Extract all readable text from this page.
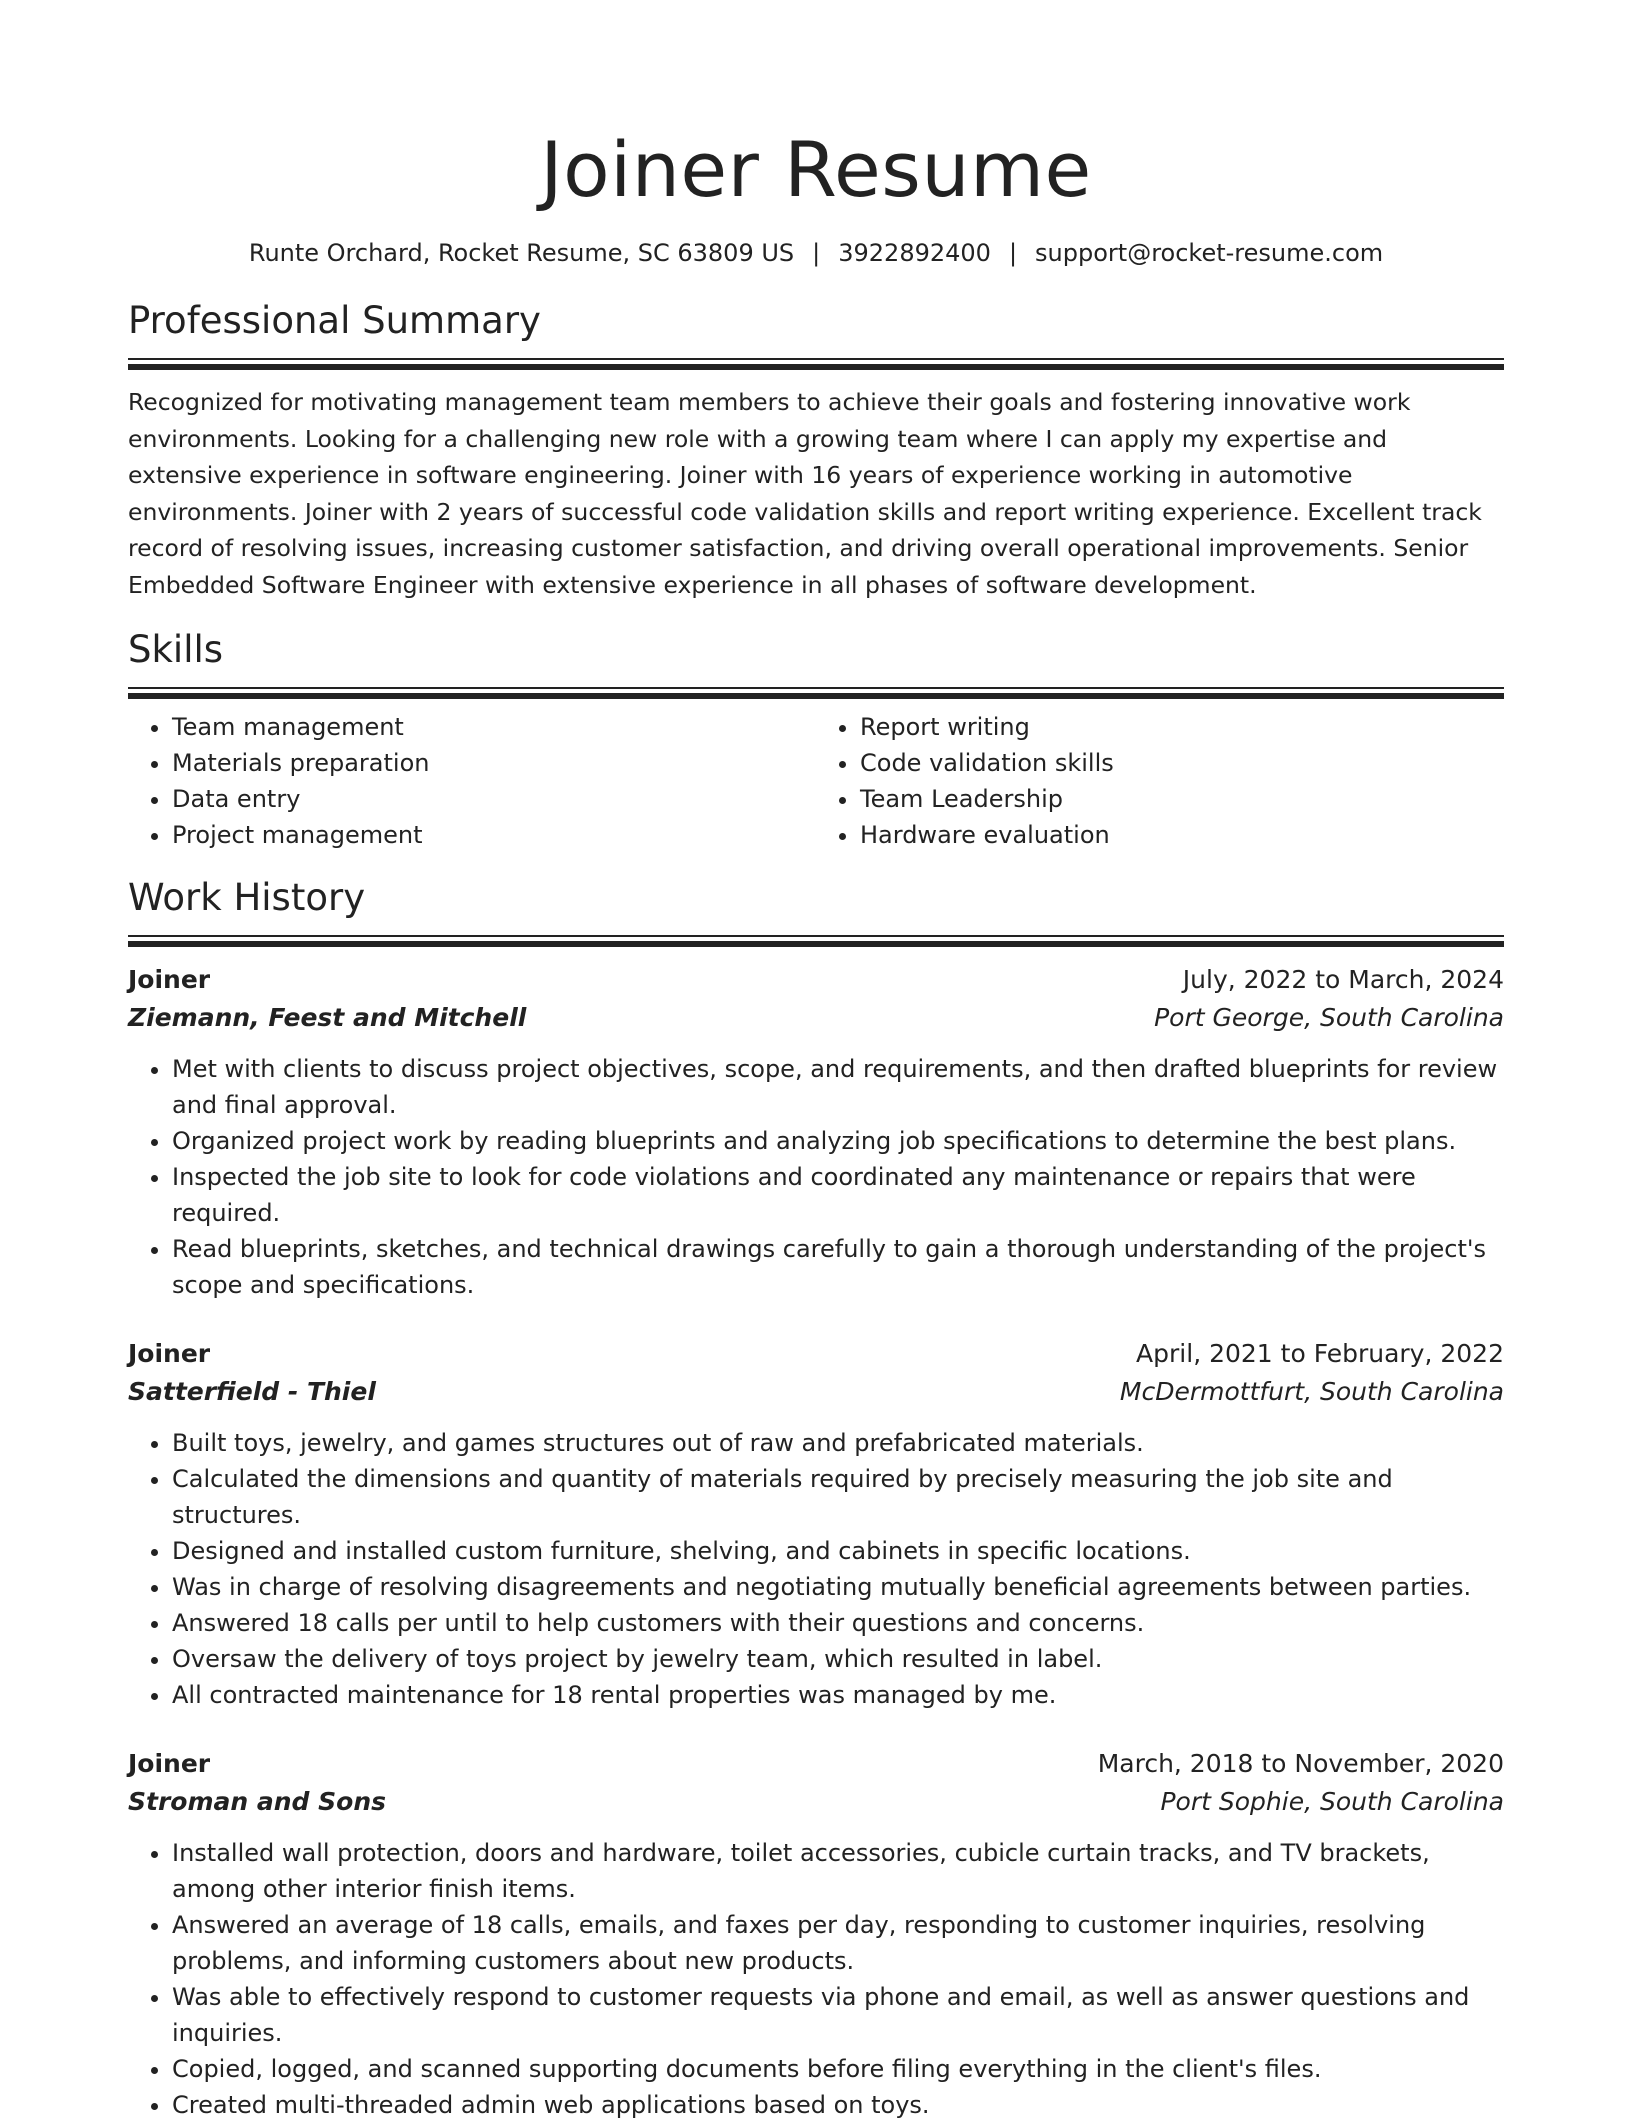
Joiner Resume
Runte Orchard, Rocket Resume, SC 63809 US | 3922892400 | support@rocket-resume.com
Professional Summary

Recognized for motivating management team members to achieve their goals and fostering innovative work environments. Looking for a challenging new role with a growing team where I can apply my expertise and extensive experience in software engineering. Joiner with 16 years of experience working in automotive environments. Joiner with 2 years of successful code validation skills and report writing experience. Excellent track record of resolving issues, increasing customer satisfaction, and driving overall operational improvements. Senior Embedded Software Engineer with extensive experience in all phases of software development.

Skills
• Team management
• Materials preparation
• Data entry
• Project management
• Report writing
• Code validation skills
• Team Leadership
• Hardware evaluation
Work History
Joiner	July, 2022 to March, 2024
Ziemann, Feest and Mitchell	Port George, South Carolina
• Met with clients to discuss project objectives, scope, and requirements, and then drafted blueprints for review and final approval.
• Organized project work by reading blueprints and analyzing job specifications to determine the best plans.
• Inspected the job site to look for code violations and coordinated any maintenance or repairs that were required.
• Read blueprints, sketches, and technical drawings carefully to gain a thorough understanding of the project's scope and specifications.
Joiner	April, 2021 to February, 2022
Satterfield - Thiel	McDermottfurt, South Carolina
• Built toys, jewelry, and games structures out of raw and prefabricated materials.
• Calculated the dimensions and quantity of materials required by precisely measuring the job site and structures.
• Designed and installed custom furniture, shelving, and cabinets in specific locations.
• Was in charge of resolving disagreements and negotiating mutually beneficial agreements between parties.
• Answered 18 calls per until to help customers with their questions and concerns.
• Oversaw the delivery of toys project by jewelry team, which resulted in label.
• All contracted maintenance for 18 rental properties was managed by me.
Joiner	March, 2018 to November, 2020
Stroman and Sons	Port Sophie, South Carolina
• Installed wall protection, doors and hardware, toilet accessories, cubicle curtain tracks, and TV brackets, among other interior finish items.
• Answered an average of 18 calls, emails, and faxes per day, responding to customer inquiries, resolving problems, and informing customers about new products.
• Was able to effectively respond to customer requests via phone and email, as well as answer questions and inquiries.
• Copied, logged, and scanned supporting documents before filing everything in the client's files.
• Created multi-threaded admin web applications based on toys.
